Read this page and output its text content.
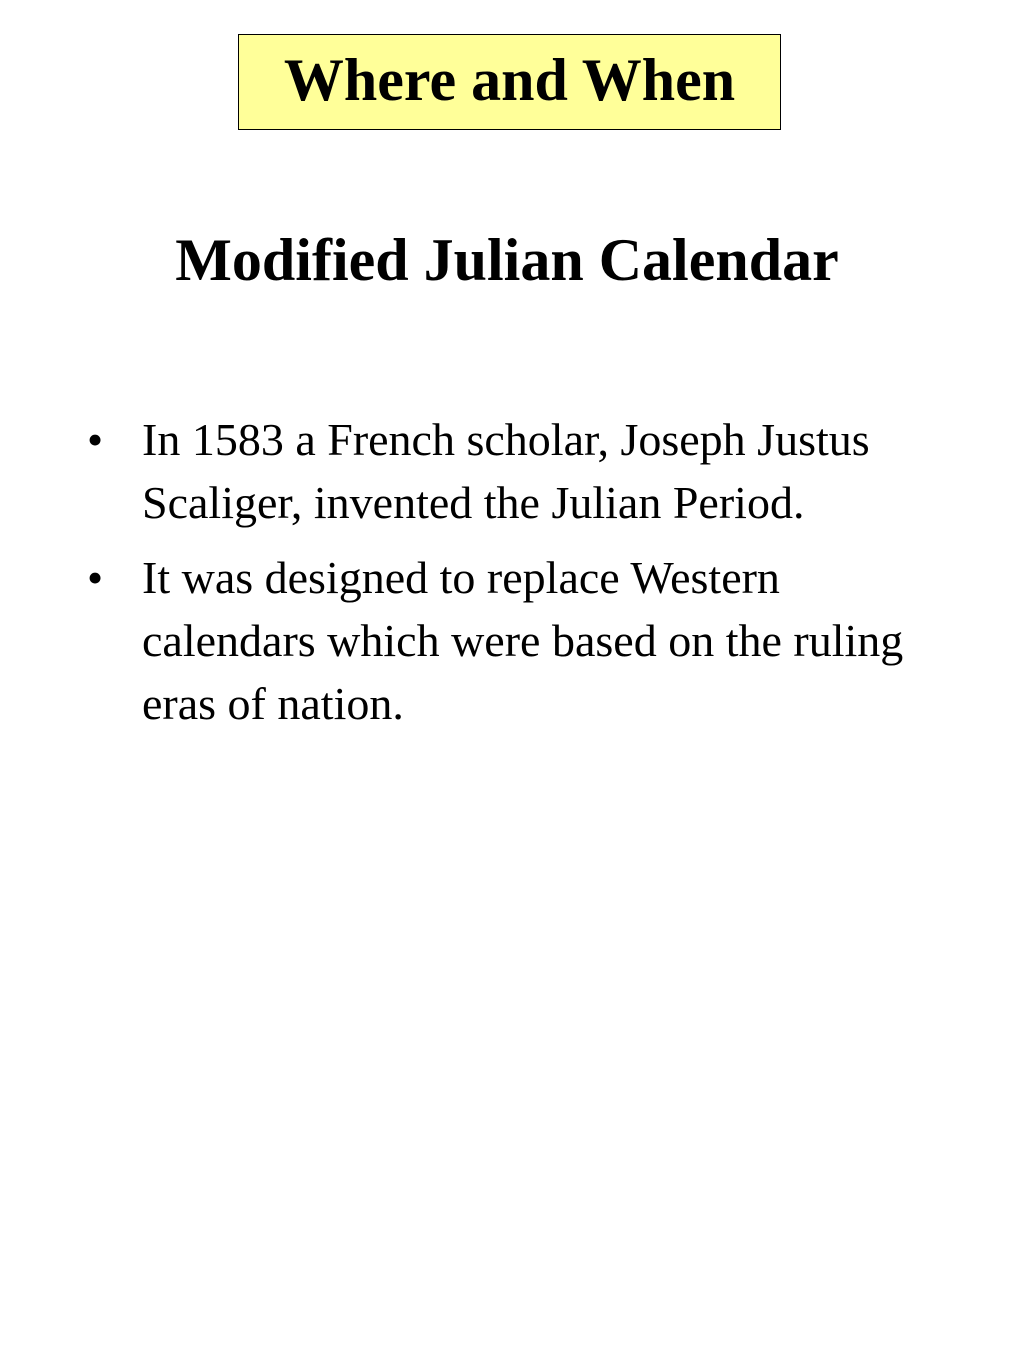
Where and When
Modified Julian Calendar
• In 1583 a French scholar, Joseph Justus Scaliger, invented the Julian Period.
• It was designed to replace Western calendars which were based on the ruling eras of nation.
